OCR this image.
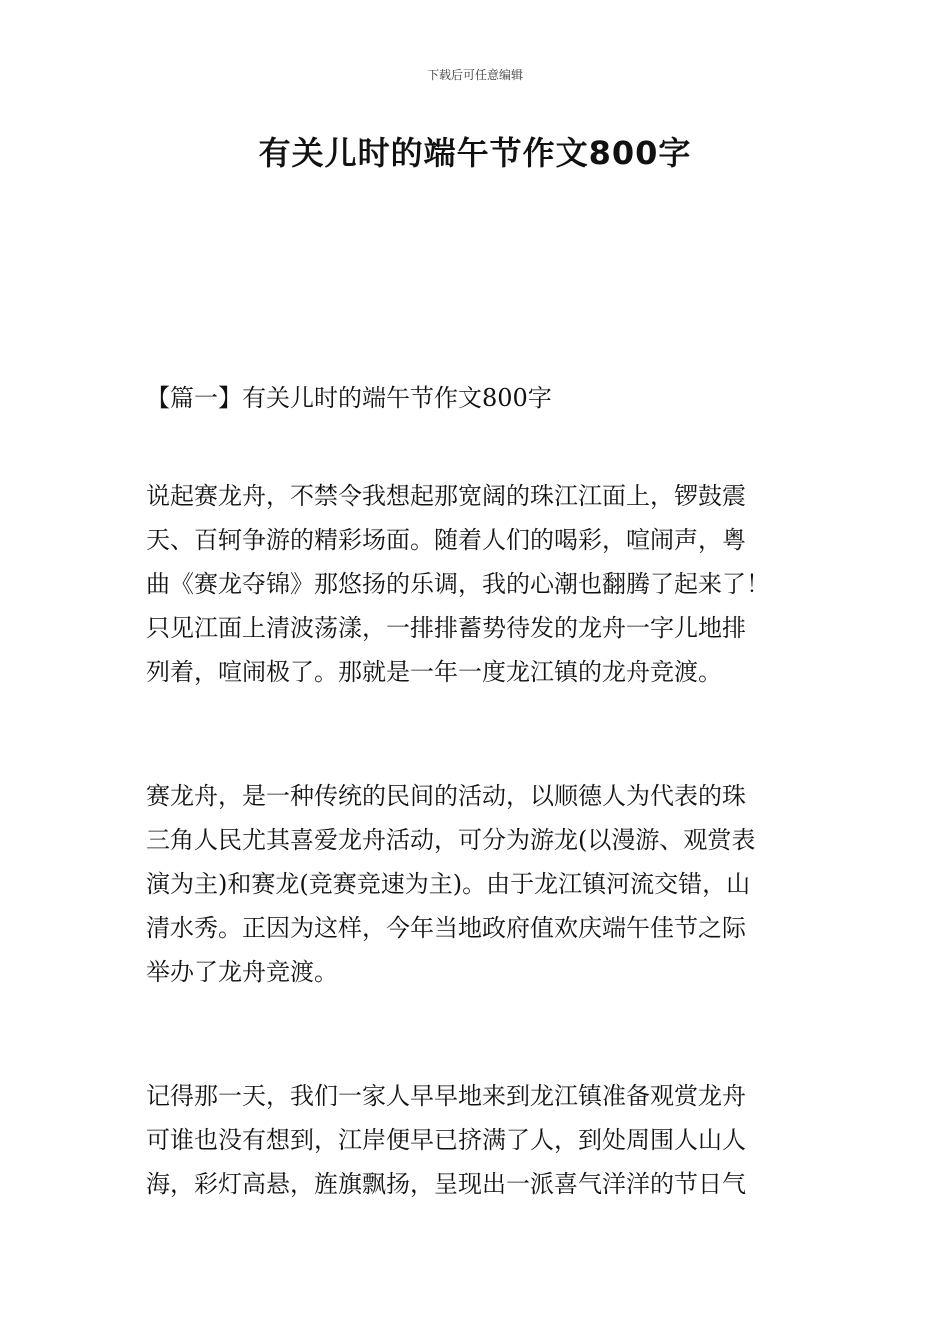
下载后可任意编辑
有关儿时的端午节作文800字

【篇一】有关儿时的端午节作文800字

说起赛龙舟，不禁令我想起那宽阔的珠江江面上，锣鼓震
天、百轲争游的精彩场面。随着人们的喝彩，喧闹声，粤
曲《赛龙夺锦》那悠扬的乐调，我的心潮也翻腾了起来了！
只见江面上清波荡漾，一排排蓄势待发的龙舟一字儿地排
列着，喧闹极了。那就是一年一度龙江镇的龙舟竞渡。

赛龙舟，是一种传统的民间的活动，以顺德人为代表的珠
三角人民尤其喜爱龙舟活动，可分为游龙(以漫游、观赏表
演为主)和赛龙(竞赛竞速为主)。由于龙江镇河流交错，山
清水秀。正因为这样，今年当地政府值欢庆端午佳节之际
举办了龙舟竞渡。

记得那一天，我们一家人早早地来到龙江镇准备观赏龙舟
可谁也没有想到，江岸便早已挤满了人，到处周围人山人
海，彩灯高悬，旌旗飘扬，呈现出一派喜气洋洋的节日气
